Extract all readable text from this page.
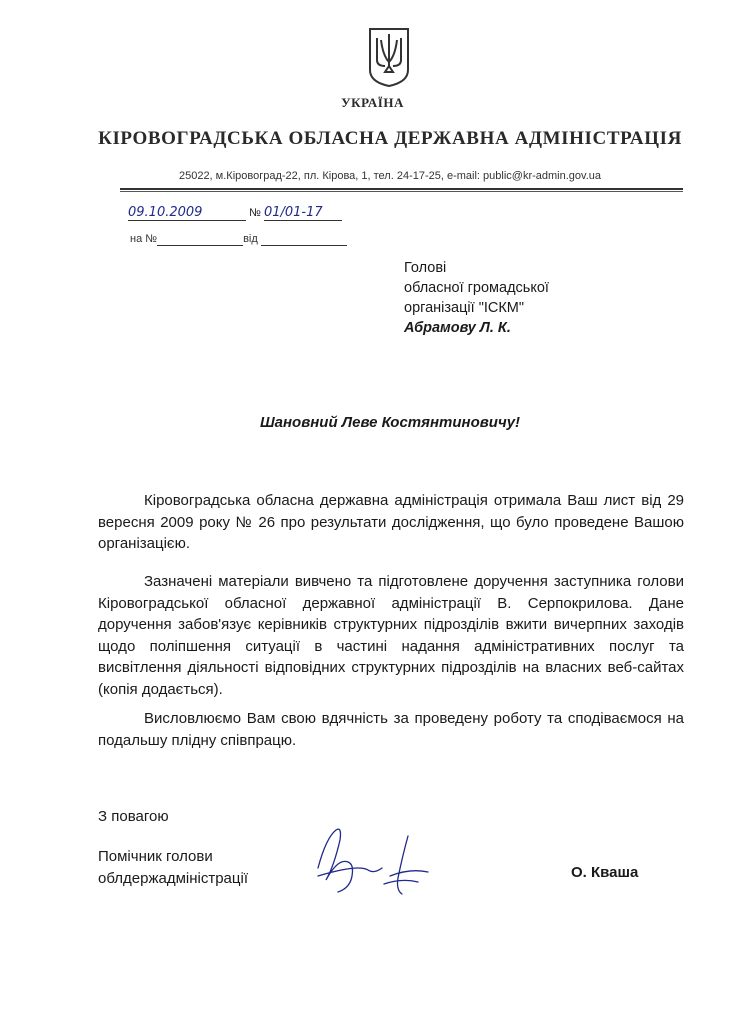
УКРАЇНА
КІРОВОГРАДСЬКА ОБЛАСНА ДЕРЖАВНА АДМІНІСТРАЦІЯ
25022, м.Кіровоград-22, пл. Кірова, 1, тел. 24-17-25, e-mail: public@kr-admin.gov.ua
09.10.2009	№ 01/01-17
на №	від
Голові
обласної громадської
організації "ІСКМ"
Абрамову Л. К.
Шановний Леве Костянтиновичу!
Кіровоградська обласна державна адміністрація отримала Ваш лист від 29 вересня 2009 року № 26 про результати дослідження, що було проведене Вашою організацією.
Зазначені матеріали вивчено та підготовлене доручення заступника голови Кіровоградської обласної державної адміністрації В. Серпокрилова. Дане доручення забов'язує керівників структурних підрозділів вжити вичерпних заходів щодо поліпшення ситуації в частині надання адміністративних послуг та висвітлення діяльності відповідних структурних підрозділів на власних веб-сайтах (копія додається).
Висловлюємо Вам свою вдячність за проведену роботу та сподіваємося на подальшу плідну співпрацю.
З повагою
Помічник голови
облдержадміністрації	О. Кваша
